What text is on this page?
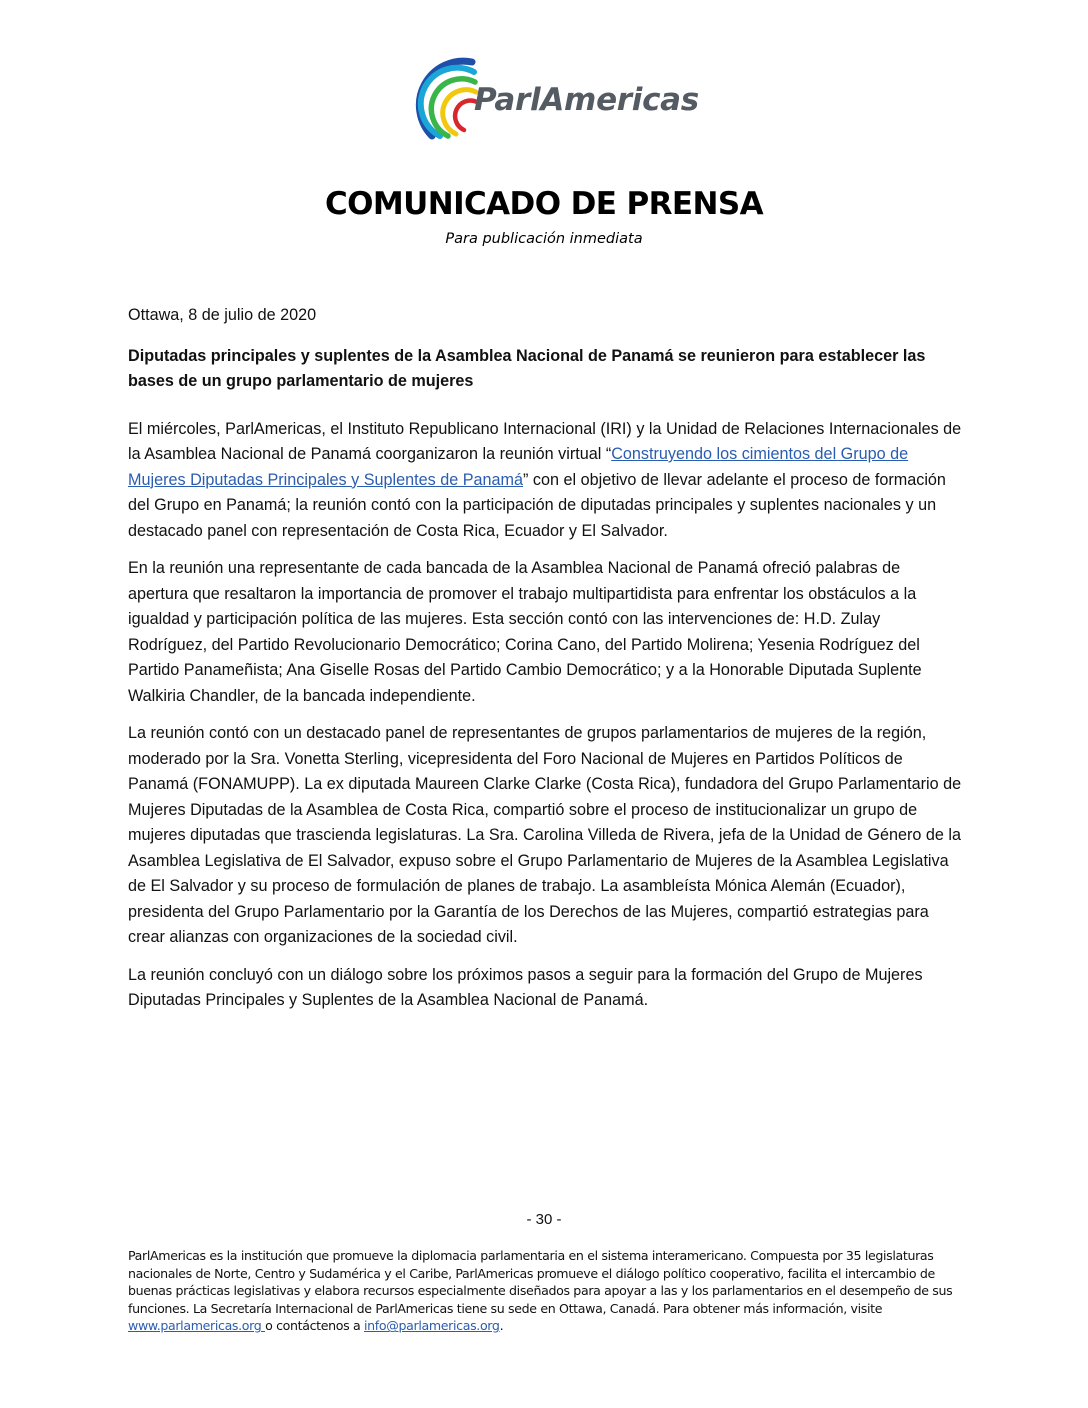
ParlAmericas
COMUNICADO DE PRENSA
Para publicación inmediata

Ottawa, 8 de julio de 2020

Diputadas principales y suplentes de la Asamblea Nacional de Panamá se reunieron para establecer las bases de un grupo parlamentario de mujeres

El miércoles, ParlAmericas, el Instituto Republicano Internacional (IRI) y la Unidad de Relaciones Internacionales de la Asamblea Nacional de Panamá coorganizaron la reunión virtual “Construyendo los cimientos del Grupo de Mujeres Diputadas Principales y Suplentes de Panamá” con el objetivo de llevar adelante el proceso de formación del Grupo en Panamá; la reunión contó con la participación de diputadas principales y suplentes nacionales y un destacado panel con representación de Costa Rica, Ecuador y El Salvador.

En la reunión una representante de cada bancada de la Asamblea Nacional de Panamá ofreció palabras de apertura que resaltaron la importancia de promover el trabajo multipartidista para enfrentar los obstáculos a la igualdad y participación política de las mujeres. Esta sección contó con las intervenciones de: H.D. Zulay Rodríguez, del Partido Revolucionario Democrático; Corina Cano, del Partido Molirena; Yesenia Rodríguez del Partido Panameñista; Ana Giselle Rosas del Partido Cambio Democrático; y a la Honorable Diputada Suplente Walkiria Chandler, de la bancada independiente.

La reunión contó con un destacado panel de representantes de grupos parlamentarios de mujeres de la región, moderado por la Sra. Vonetta Sterling, vicepresidenta del Foro Nacional de Mujeres en Partidos Políticos de Panamá (FONAMUPP). La ex diputada Maureen Clarke Clarke (Costa Rica), fundadora del Grupo Parlamentario de Mujeres Diputadas de la Asamblea de Costa Rica, compartió sobre el proceso de institucionalizar un grupo de mujeres diputadas que trascienda legislaturas. La Sra. Carolina Villeda de Rivera, jefa de la Unidad de Género de la Asamblea Legislativa de El Salvador, expuso sobre el Grupo Parlamentario de Mujeres de la Asamblea Legislativa de El Salvador y su proceso de formulación de planes de trabajo. La asambleísta Mónica Alemán (Ecuador), presidenta del Grupo Parlamentario por la Garantía de los Derechos de las Mujeres, compartió estrategias para crear alianzas con organizaciones de la sociedad civil.

La reunión concluyó con un diálogo sobre los próximos pasos a seguir para la formación del Grupo de Mujeres Diputadas Principales y Suplentes de la Asamblea Nacional de Panamá.

- 30 -
ParlAmericas es la institución que promueve la diplomacia parlamentaria en el sistema interamericano. Compuesta por 35 legislaturas nacionales de Norte, Centro y Sudamérica y el Caribe, ParlAmericas promueve el diálogo político cooperativo, facilita el intercambio de buenas prácticas legislativas y elabora recursos especialmente diseñados para apoyar a las y los parlamentarios en el desempeño de sus funciones. La Secretaría Internacional de ParlAmericas tiene su sede en Ottawa, Canadá. Para obtener más información, visite www.parlamericas.org o contáctenos a info@parlamericas.org.
